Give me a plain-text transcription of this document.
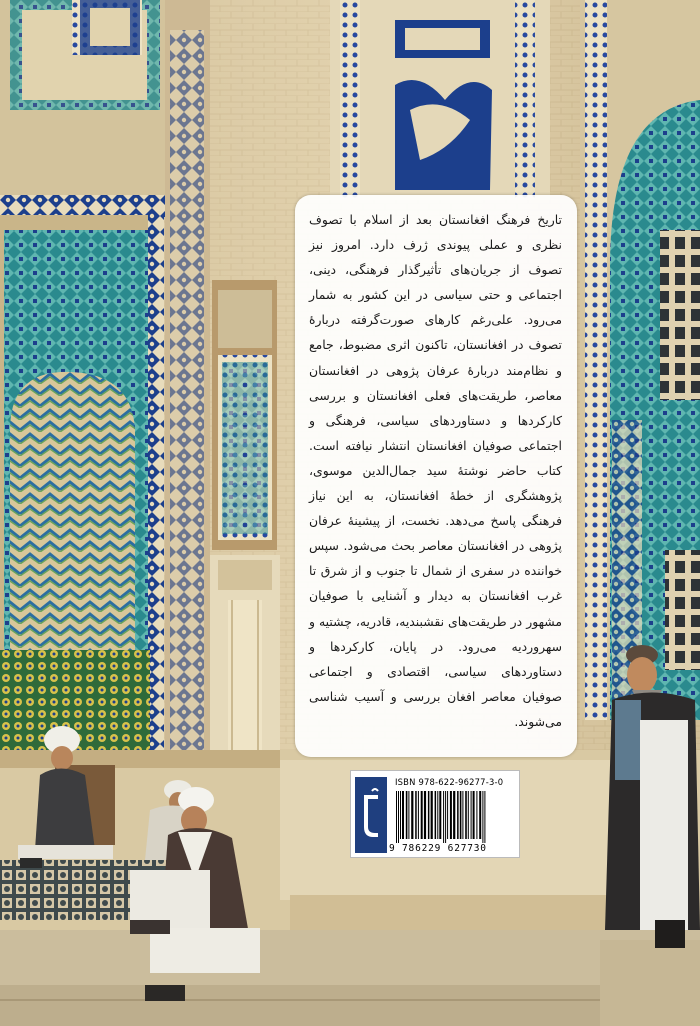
تاریخ فرهنگ افغانستان بعد از اسلام با تصوف نظری و عملی پیوندی ژرف دارد. امروز نیز تصوف از جریان‌های تأثیرگذار فرهنگی، دینی، اجتماعی و حتی سیاسی در این کشور به شمار می‌رود. علی‌رغم کارهای صورت‌گرفته دربارهٔ تصوف در افغانستان، تاکنون اثری مضبوط، جامع و نظام‌مند دربارهٔ عرفان پژوهی در افغانستان معاصر، طریقت‌های فعلی افغانستان و بررسی کارکردها و دستاوردهای سیاسی، فرهنگی و اجتماعی صوفیان افغانستان انتشار نیافته است. کتاب حاضر نوشتهٔ سید جمال‌الدین موسوی، پژوهشگری از خطهٔ افغانستان، به این نیاز فرهنگی پاسخ می‌دهد. نخست، از پیشینهٔ عرفان پژوهی در افغانستان معاصر بحث می‌شود. سپس خواننده در سفری از شمال تا جنوب و از شرق تا غرب افغانستان به دیدار و آشنایی با صوفیان مشهور در طریقت‌های نقشبندیه، قادریه، چشتیه و سهروردیه می‌رود. در پایان، کارکردها و دستاوردهای سیاسی، اقتصادی و اجتماعی صوفیان معاصر افغان بررسی و آسیب شناسی می‌شوند.

ISBN 978-622-96277-3-0
9 786229 627730
